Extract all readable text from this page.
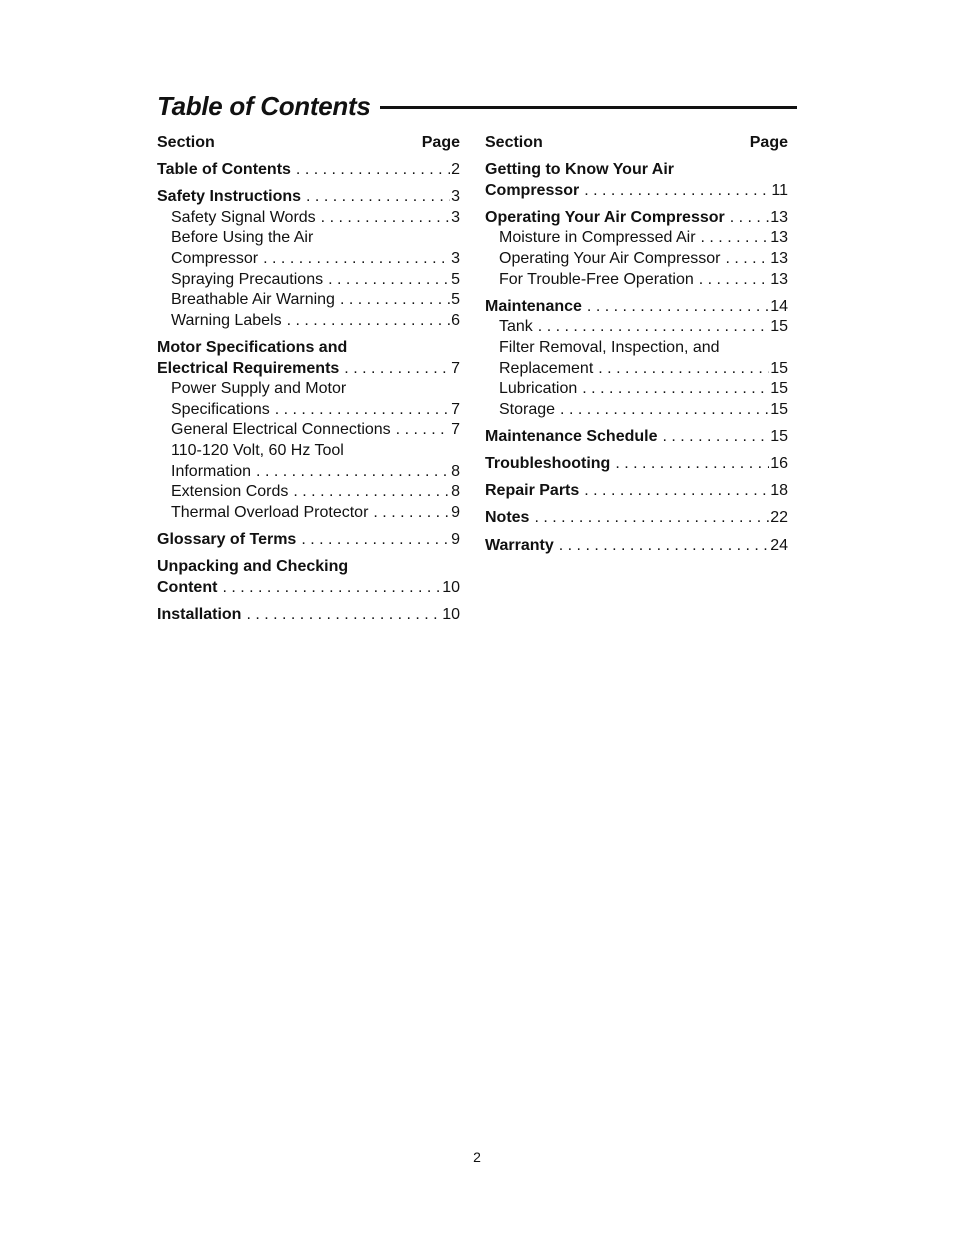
Table of Contents
Section	Page
Table of Contents . . .	2
Safety Instructions . . .	3
Safety Signal Words . . .	3
Before Using the Air
Compressor . . .	3
Spraying Precautions . . .	5
Breathable Air Warning . . .	5
Warning Labels . . .	6
Motor Specifications and
Electrical Requirements . . .	7
Power Supply and Motor
Specifications . . .	7
General Electrical Connections . . .	7
110-120 Volt, 60 Hz Tool
Information . . .	8
Extension Cords . . .	8
Thermal Overload Protector . . .	9
Glossary of Terms . . .	9
Unpacking and Checking
Content . . .	10
Installation . . .	10
Section	Page
Getting to Know Your Air
Compressor . . .	11
Operating Your Air Compressor . . .	13
Moisture in Compressed Air . . .	13
Operating Your Air Compressor . . .	13
For Trouble-Free Operation . . .	13
Maintenance . . .	14
Tank . . .	15
Filter Removal, Inspection, and
Replacement . . .	15
Lubrication . . .	15
Storage . . .	15
Maintenance Schedule . . .	15
Troubleshooting . . .	16
Repair Parts . . .	18
Notes . . .	22
Warranty . . .	24
2
